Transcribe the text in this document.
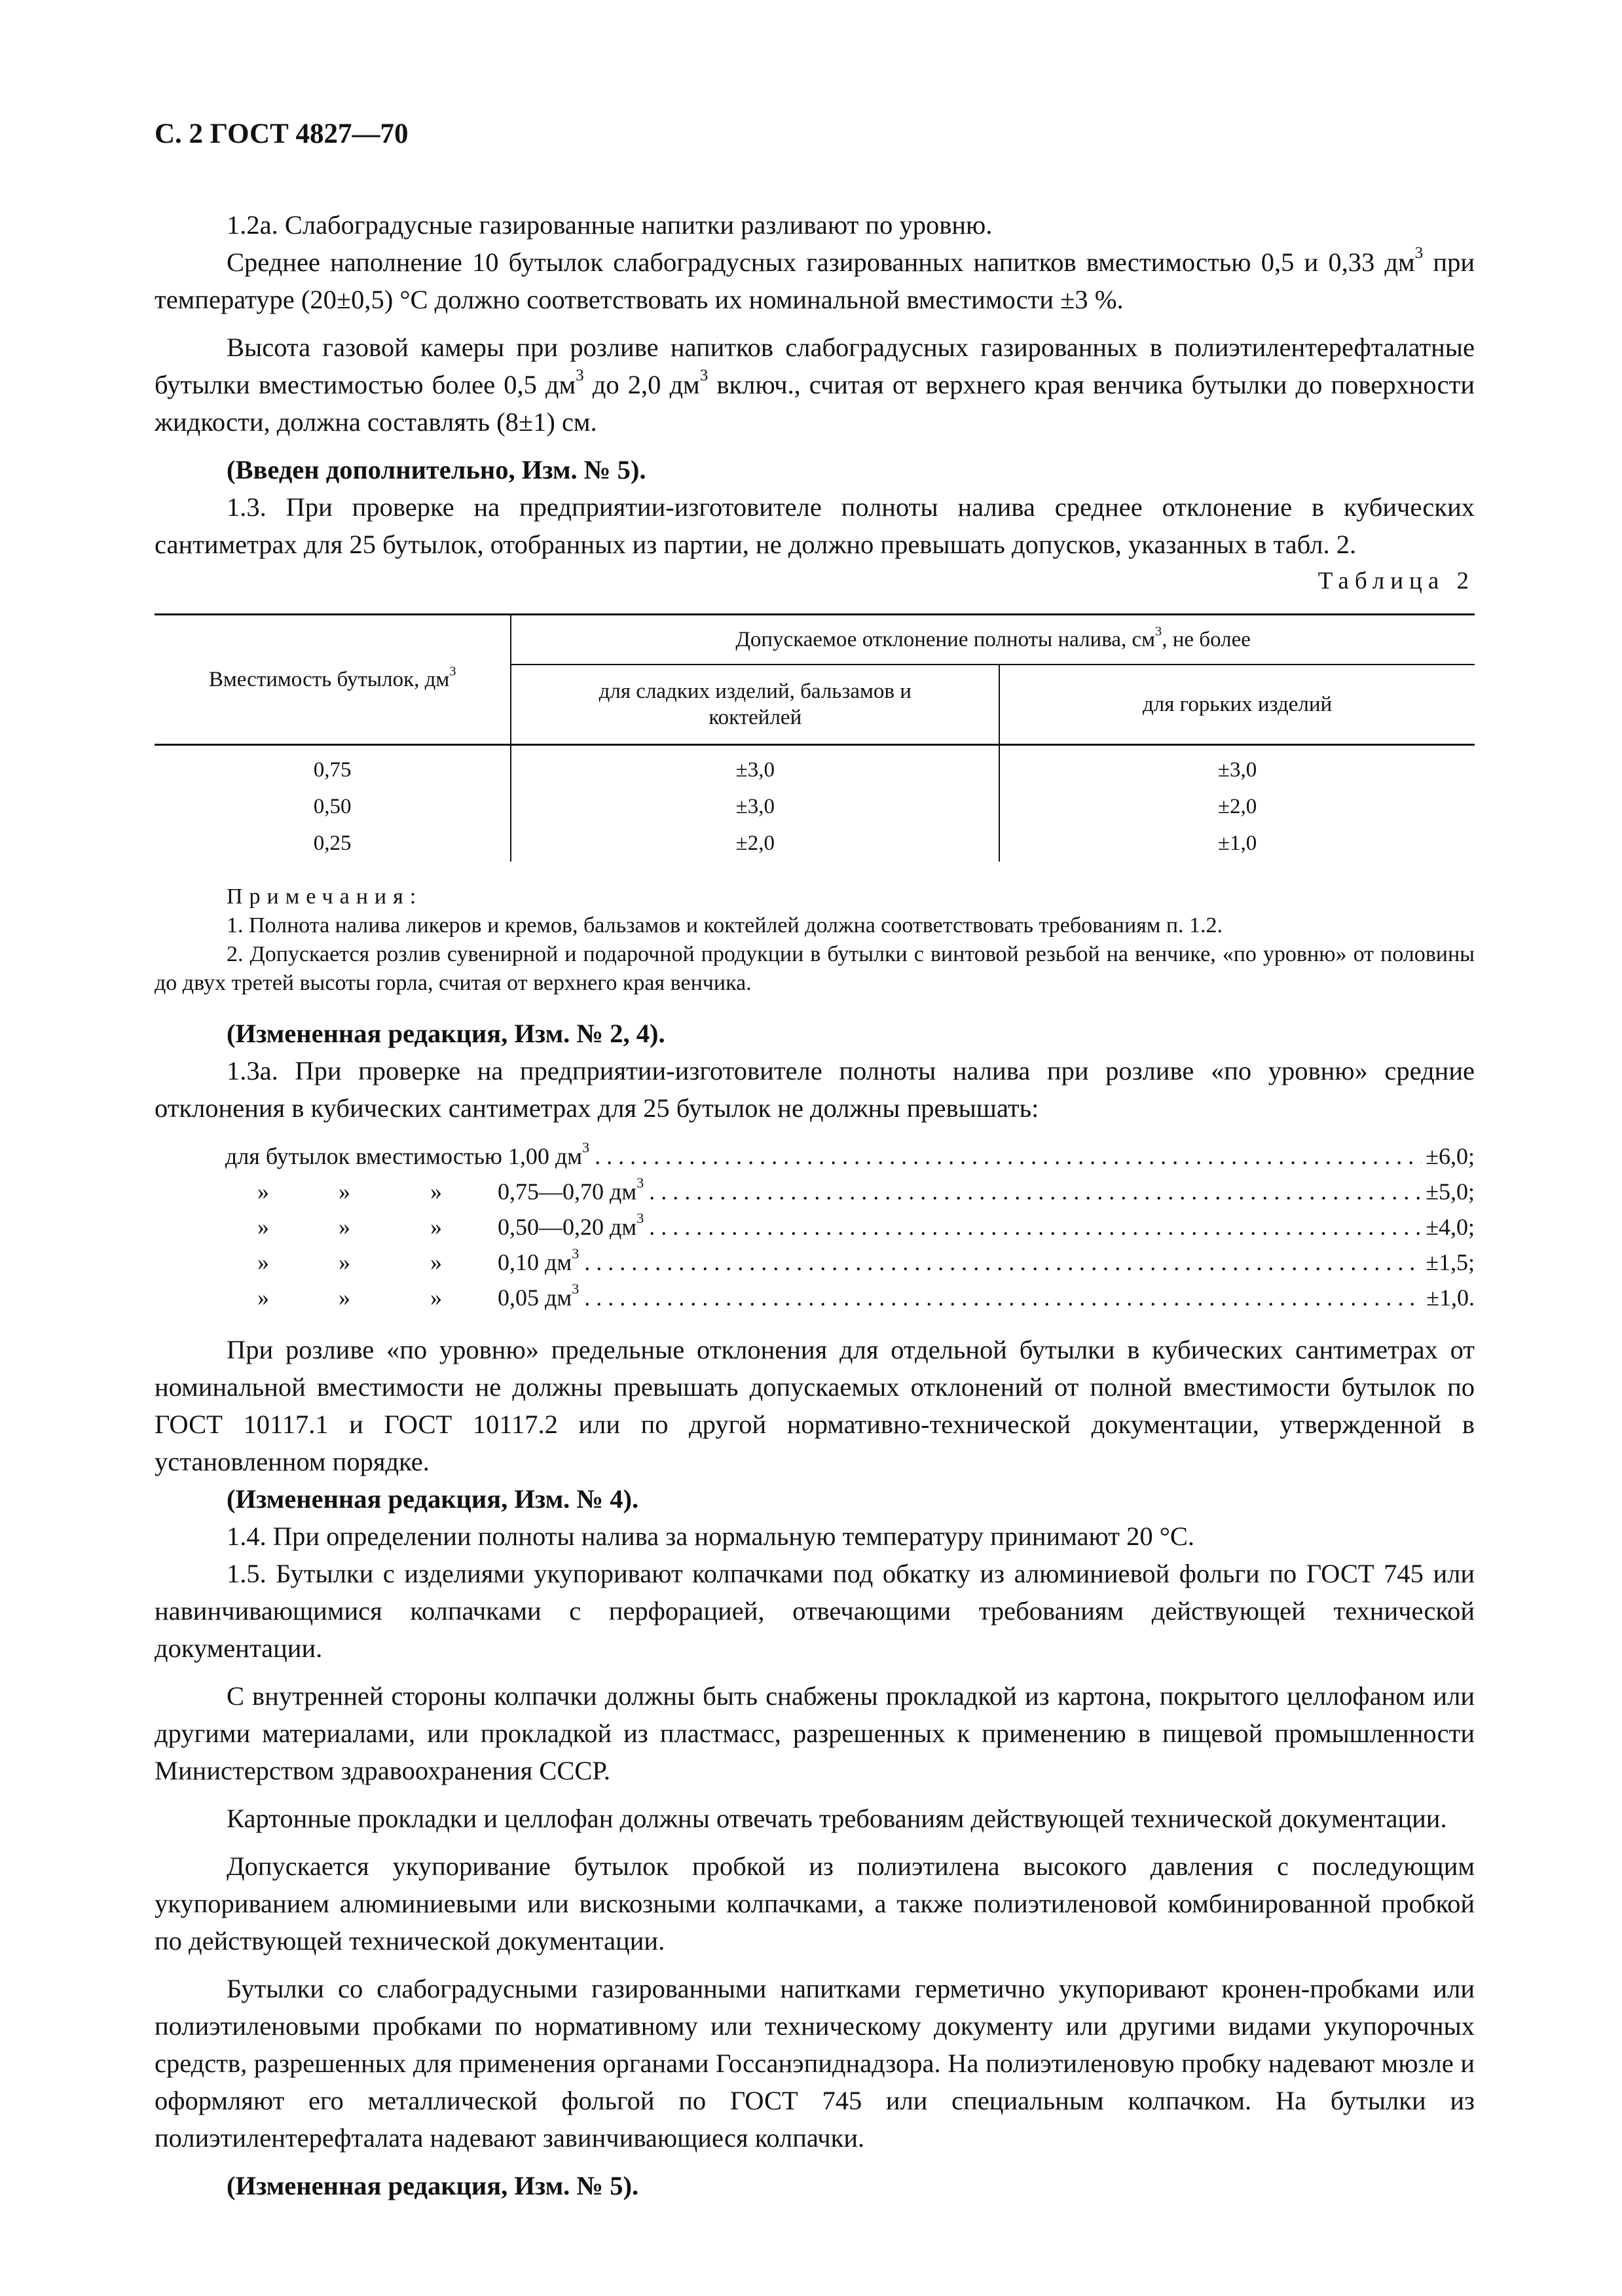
С. 2 ГОСТ 4827—70

1.2а. Слабоградусные газированные напитки разливают по уровню.

Среднее наполнение 10 бутылок слабоградусных газированных напитков вместимостью 0,5 и 0,33 $дм^3$ при температуре (20±0,5) °С должно соответствовать их номинальной вместимости ±3 %.

Высота газовой камеры при розливе напитков слабоградусных газированных в полиэтилентерефталатные бутылки вместимостью более 0,5 $дм^3$ до 2,0 $дм^3$ включ., считая от верхнего края венчика бутылки до поверхности жидкости, должна составлять (8±1) см.

(Введен дополнительно, Изм. № 5).

1.3. При проверке на предприятии-изготовителе полноты налива среднее отклонение в кубических сантиметрах для 25 бутылок, отобранных из партии, не должно превышать допусков, указанных в табл. 2.

Таблица 2
Вместимость бутылок, $дм^3$	Допускаемое отклонение полноты налива, $см^3$, не более	
	для сладких изделий, бальзамов и коктейлей	для горьких изделий

0,75	±3,0	±3,0
0,50	±3,0	±2,0
0,25	±2,0	±1,0
Примечания:
1. Полнота налива ликеров и кремов, бальзамов и коктейлей должна соответствовать требованиям п. 1.2.
2. Допускается розлив сувенирной и подарочной продукции в бутылки с винтовой резьбой на венчике, «по уровню» от половины до двух третей высоты горла, считая от верхнего края венчика.

(Измененная редакция, Изм. № 2, 4).

1.3а. При проверке на предприятии-изготовителе полноты налива при розливе «по уровню» средние отклонения в кубических сантиметрах для 25 бутылок не должны превышать:

для бутылок вместимостью
1,00 $дм^3$ . . .	±6,0;
»	»	»	0,75—0,70 $дм^3$ . . .	±5,0;
»	»	»	0,50—0,20 $дм^3$ . . .	±4,0;
»	»	»	0,10 $дм^3$ . . .	±1,5;
»	»	»	0,05 $дм^3$ . . .	±1,0.

При розливе «по уровню» предельные отклонения для отдельной бутылки в кубических сантиметрах от номинальной вместимости не должны превышать допускаемых отклонений от полной вместимости бутылок по ГОСТ 10117.1 и ГОСТ 10117.2 или по другой нормативно-технической документации, утвержденной в установленном порядке.

(Измененная редакция, Изм. № 4).

1.4. При определении полноты налива за нормальную температуру принимают 20 °С.

1.5. Бутылки с изделиями укупоривают колпачками под обкатку из алюминиевой фольги по ГОСТ 745 или навинчивающимися колпачками с перфорацией, отвечающими требованиям действующей технической документации.

С внутренней стороны колпачки должны быть снабжены прокладкой из картона, покрытого целлофаном или другими материалами, или прокладкой из пластмасс, разрешенных к применению в пищевой промышленности Министерством здравоохранения СССР.

Картонные прокладки и целлофан должны отвечать требованиям действующей технической документации.

Допускается укупоривание бутылок пробкой из полиэтилена высокого давления с последующим укупориванием алюминиевыми или вискозными колпачками, а также полиэтиленовой комбинированной пробкой по действующей технической документации.

Бутылки со слабоградусными газированными напитками герметично укупоривают кронен-пробками или полиэтиленовыми пробками по нормативному или техническому документу или другими видами укупорочных средств, разрешенных для применения органами Госсанэпиднадзора. На полиэтиленовую пробку надевают мюзле и оформляют его металлической фольгой по ГОСТ 745 или специальным колпачком. На бутылки из полиэтилентерефталата надевают завинчивающиеся колпачки.

(Измененная редакция, Изм. № 5).
